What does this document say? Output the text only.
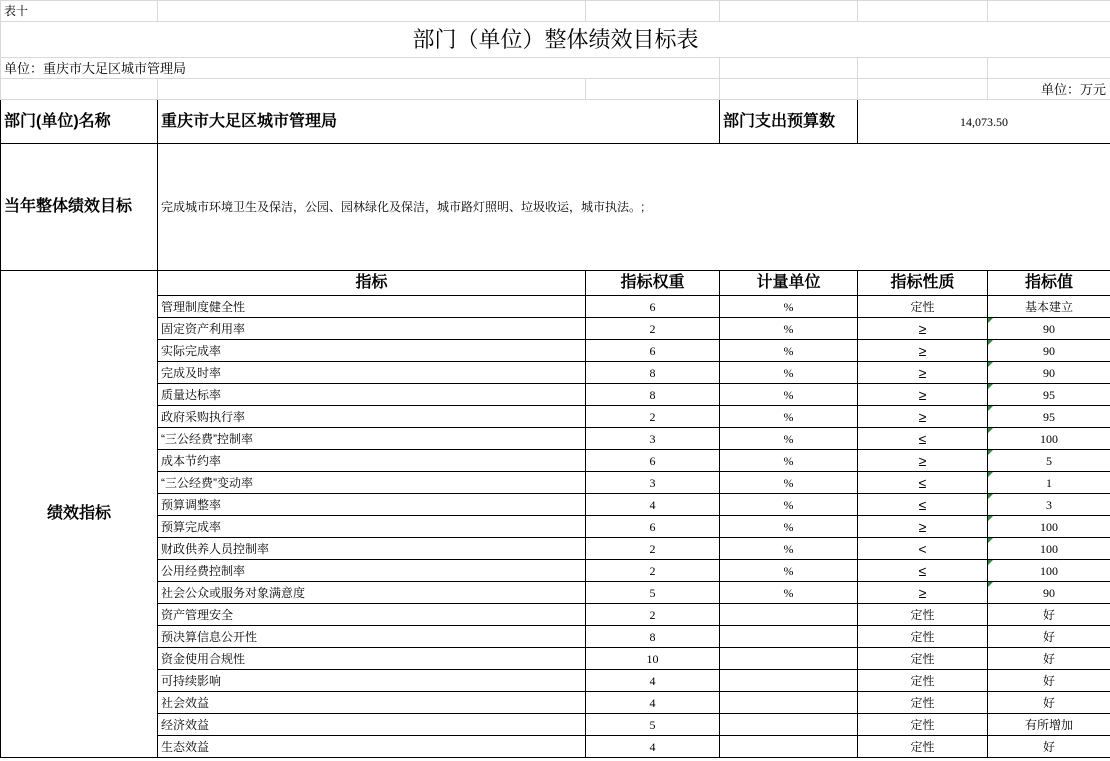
表十					
部门（单位）整体绩效目标表					
单位：重庆市大足区城市管理局					
					单位：万元
部门(单位)名称	重庆市大足区城市管理局		部门支出预算数	14,073.50	
当年整体绩效目标	完成城市环境卫生及保洁，公园、园林绿化及保洁，城市路灯照明、垃圾收运，城市执法。;				
绩效指标	指标	指标权重	计量单位	指标性质	指标值
	管理制度健全性	6	%	定性	基本建立
	固定资产利用率	2	%	≥	90
	实际完成率	6	%	≥	90
	完成及时率	8	%	≥	90
	质量达标率	8	%	≥	95
	政府采购执行率	2	%	≥	95
	“三公经费”控制率	3	%	≤	100
	成本节约率	6	%	≥	5
	“三公经费”变动率	3	%	≤	1
	预算调整率	4	%	≤	3
	预算完成率	6	%	≥	100
	财政供养人员控制率	2	%	<	100
	公用经费控制率	2	%	≤	100
	社会公众或服务对象满意度	5	%	≥	90
	资产管理安全	2		定性	好
	预决算信息公开性	8		定性	好
	资金使用合规性	10		定性	好
	可持续影响	4		定性	好
	社会效益	4		定性	好
	经济效益	5		定性	有所增加
	生态效益	4		定性	好
